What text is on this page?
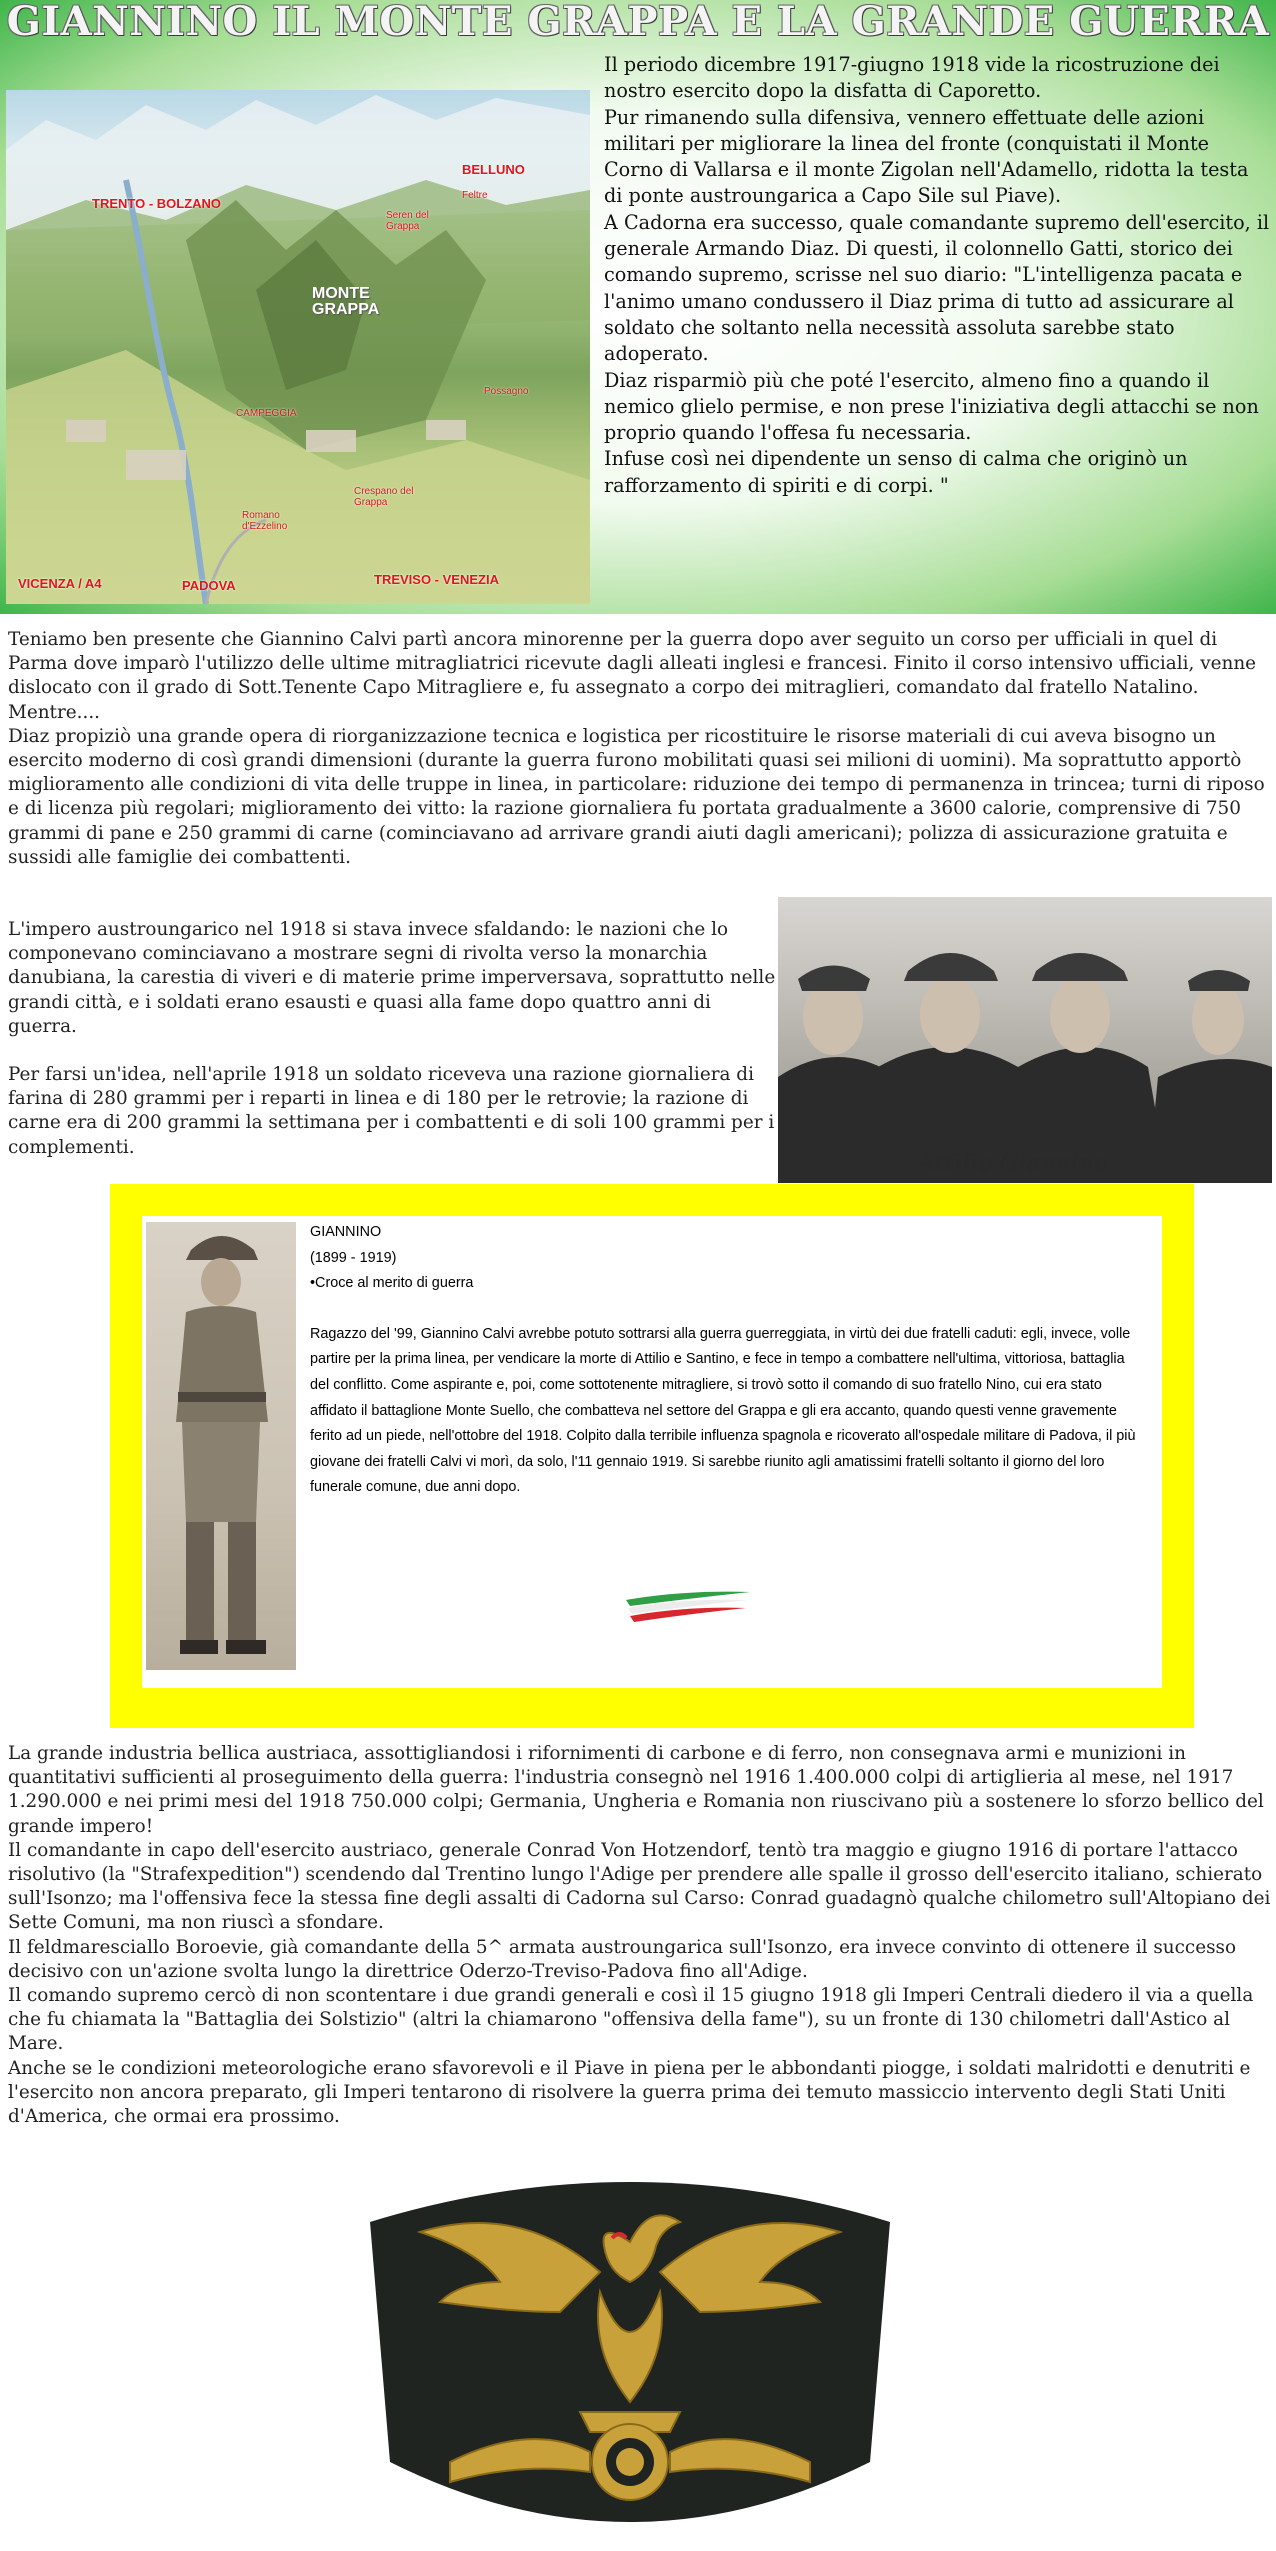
GIANNINO IL MONTE GRAPPA E LA GRANDE GUERRA
TRENTO - BOLZANO
BELLUNO
Feltre
Seren del Grappa
MONTE GRAPPA
CAMPEGGIA
Crespano del Grappa
Romano d'Ezzelino
Possagno
VICENZA / A4	PADOVA	TREVISO - VENEZIA

Il periodo dicembre 1917-giugno 1918 vide la ricostruzione dei nostro esercito dopo la disfatta di Caporetto.

Pur rimanendo sulla difensiva, vennero effettuate delle azioni militari per migliorare la linea del fronte (conquistati il Monte Corno di Vallarsa e il monte Zigolan nell'Adamello, ridotta la testa di ponte austroungarica a Capo Sile sul Piave).

A Cadorna era successo, quale comandante supremo dell'esercito, il generale Armando Diaz. Di questi, il colonnello Gatti, storico dei comando supremo, scrisse nel suo diario: "L'intelligenza pacata e l'animo umano condussero il Diaz prima di tutto ad assicurare al soldato che soltanto nella necessità assoluta sarebbe stato adoperato.

Diaz risparmiò più che poté l'esercito, almeno fino a quando il nemico glielo permise, e non prese l'iniziativa degli attacchi se non proprio quando l'offesa fu necessaria.

Infuse così nei dipendente un senso di calma che originò un rafforzamento di spiriti e di corpi. "

Teniamo ben presente che Giannino Calvi partì ancora minorenne per la guerra dopo aver seguito un corso per ufficiali in quel di Parma dove imparò l'utilizzo delle ultime mitragliatrici ricevute dagli alleati inglesi e francesi. Finito il corso intensivo ufficiali, venne dislocato con il grado di Sott.Tenente Capo Mitragliere e, fu assegnato a corpo dei mitraglieri, comandato dal fratello Natalino.

Mentre....

Diaz propiziò una grande opera di riorganizzazione tecnica e logistica per ricostituire le risorse materiali di cui aveva bisogno un esercito moderno di così grandi dimensioni (durante la guerra furono mobilitati quasi sei milioni di uomini). Ma soprattutto apportò miglioramento alle condizioni di vita delle truppe in linea, in particolare: riduzione dei tempo di permanenza in trincea; turni di riposo e di licenza più regolari; miglioramento dei vitto: la razione giornaliera fu portata gradualmente a 3600 calorie, comprensive di 750 grammi di pane e 250 grammi di carne (cominciavano ad arrivare grandi aiuti dagli americani); polizza di assicurazione gratuita e sussidi alle famiglie dei combattenti.

L'impero austroungarico nel 1918 si stava invece sfaldando: le nazioni che lo componevano cominciavano a mostrare segni di rivolta verso la monarchia danubiana, la carestia di viveri e di materie prime imperversava, soprattutto nelle grandi città, e i soldati erano esausti e quasi alla fame dopo quattro anni di guerra.

Per farsi un'idea, nell'aprile 1918 un soldato riceveva una razione giornaliera di farina di 280 grammi per i reparti in linea e di 180 per le retrovie; la razione di carne era di 200 grammi la settimana per i combattenti e di soli 100 grammi per i complementi.

Attilio Giannino

GIANNINO

(1899 - 1919)

• Croce al merito di guerra

Ragazzo del '99, Giannino Calvi avrebbe potuto sottrarsi alla guerra guerreggiata, in virtù dei due fratelli caduti: egli, invece, volle partire per la prima linea, per vendicare la morte di Attilio e Santino, e fece in tempo a combattere nell'ultima, vittoriosa, battaglia del conflitto. Come aspirante e, poi, come sottotenente mitragliere, si trovò sotto il comando di suo fratello Nino, cui era stato affidato il battaglione Monte Suello, che combatteva nel settore del Grappa e gli era accanto, quando questi venne gravemente ferito ad un piede, nell'ottobre del 1918. Colpito dalla terribile influenza spagnola e ricoverato all'ospedale militare di Padova, il più giovane dei fratelli Calvi vi morì, da solo, l'11 gennaio 1919. Si sarebbe riunito agli amatissimi fratelli soltanto il giorno del loro funerale comune, due anni dopo.

La grande industria bellica austriaca, assottigliandosi i rifornimenti di carbone e di ferro, non consegnava armi e munizioni in quantitativi sufficienti al proseguimento della guerra: l'industria consegnò nel 1916 1.400.000 colpi di artiglieria al mese, nel 1917 1.290.000 e nei primi mesi del 1918 750.000 colpi; Germania, Ungheria e Romania non riuscivano più a sostenere lo sforzo bellico del grande impero!

Il comandante in capo dell'esercito austriaco, generale Conrad Von Hotzendorf, tentò tra maggio e giugno 1916 di portare l'attacco risolutivo (la "Strafexpedition") scendendo dal Trentino lungo l'Adige per prendere alle spalle il grosso dell'esercito italiano, schierato sull'Isonzo; ma l'offensiva fece la stessa fine degli assalti di Cadorna sul Carso: Conrad guadagnò qualche chilometro sull'Altopiano dei Sette Comuni, ma non riuscì a sfondare.

Il feldmaresciallo Boroevie, già comandante della 5^ armata austroungarica sull'Isonzo, era invece convinto di ottenere il successo decisivo con un'azione svolta lungo la direttrice Oderzo-Treviso-Padova fino all'Adige.

Il comando supremo cercò di non scontentare i due grandi generali e così il 15 giugno 1918 gli Imperi Centrali diedero il via a quella che fu chiamata la "Battaglia dei Solstizio" (altri la chiamarono "offensiva della fame"), su un fronte di 130 chilometri dall'Astico al Mare.

Anche se le condizioni meteorologiche erano sfavorevoli e il Piave in piena per le abbondanti piogge, i soldati malridotti e denutriti e l'esercito non ancora preparato, gli Imperi tentarono di risolvere la guerra prima dei temuto massiccio intervento degli Stati Uniti d'America, che ormai era prossimo.
